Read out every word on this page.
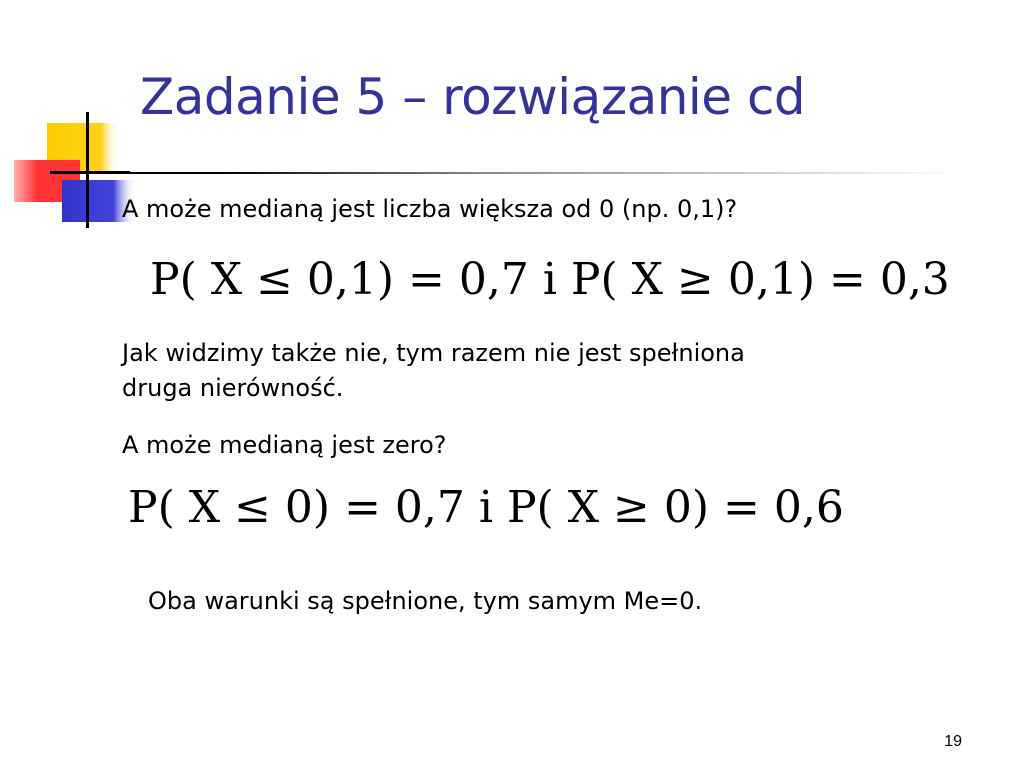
Zadanie 5 – rozwiązanie cd
A może medianą jest liczba większa od 0 (np. 0,1)?
P( X ≤ 0,1) = 0,7 i P( X ≥ 0,1) = 0,3
Jak widzimy także nie, tym razem nie jest spełniona
druga nierówność.
A może medianą jest zero?
P( X ≤ 0) = 0,7 i P( X ≥ 0) = 0,6
Oba warunki są spełnione, tym samym Me=0.
19
